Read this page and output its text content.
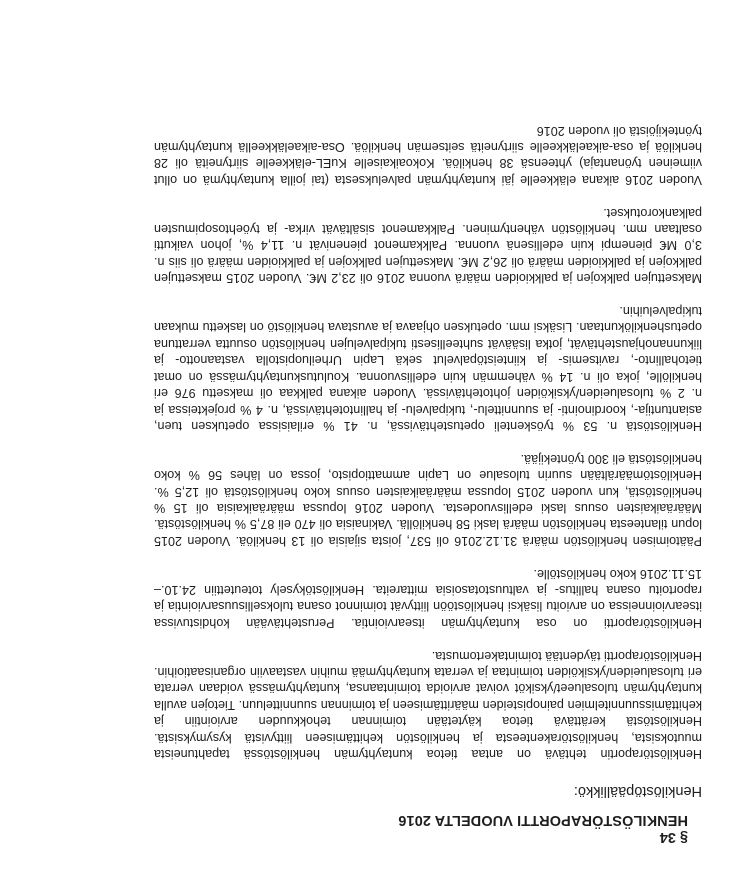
§ 34

HENKILÖSTÖRAPORTTI VUODELTA 2016

Henkilöstöpäällikkö:

Henkilöstöraportin tehtävä on antaa tietoa kuntayhtymän henkilöstössä tapahtuneista muutoksista, henkilöstörakenteesta ja henkilöstön kehittämiseen liittyvistä kysymyksistä. Henkilöstöstä kerättävä tietoa käytetään toiminnan tehokkuuden arviointiin ja kehittämissuunnitelmien painopisteiden määrittämiseen ja toiminnan suunnitteluun. Tietojen avulla kuntayhtymän tulosalueet/yksiköt voivat arvioida toimintaansa, kuntayhtymässä voidaan verrata eri tulosalueiden/yksiköiden toimintaa ja verrata kuntayhtymää muihin vastaaviin organisaatioihin. Henkilöstöraportti täydentää toimintakertomusta.

Henkilöstöraportti on osa kuntayhtymän itsearviointia. Perustehtävään kohdistuvissa itsearvioinneissa on arvioitu lisäksi henkilöstöön liittyvät toiminnot osana tuloksellisuusarviointia ja raportoitu osana hallitus- ja valtuustotasoisia mittareita. Henkilöstökysely toteutettiin 24.10.–15.11.2016 koko henkilöstölle.

Päätoimisen henkilöstön määrä 31.12.2016 oli 537, joista sijaisia oli 13 henkilöä. Vuoden 2015 lopun tilanteesta henkilöstön määrä laski 58 henkilöllä. Vakinaisia oli 470 eli 87,5 % henkilöstöstä. Määräaikaisten osuus laski edellisvuodesta. Vuoden 2016 lopussa määräaikaisia oli 15 % henkilöstöstä, kun vuoden 2015 lopussa määräaikaisten osuus koko henkilöstöstä oli 12,5 %. Henkilöstömäärältään suurin tulosalue on Lapin ammattiopisto, jossa on lähes 56 % koko henkilöstöstä eli 300 työntekijää.

Henkilöstöstä n. 53 % työskenteli opetustehtävissä, n. 41 % erilaisissa opetuksen tuen, asiantuntija-, koordinointi- ja suunnittelu-, tukipalvelu- ja hallintotehtävissä, n. 4 % projekteissa ja n. 2 % tulosalueiden/yksiköiden johtotehtävissä. Vuoden aikana palkkaa oli maksettu 976 eri henkilölle, joka oli n. 14 % vähemmän kuin edellisvuonna. Koulutuskuntayhtymässä on omat tietohallinto-, ravitsemis- ja kiinteistöpalvelut sekä Lapin Urheiluopistolla vastaanotto- ja liikunnanohjaustehtävät, jotka lisäävät suhteellisesti tukipalvelujen henkilöstön osuutta verrattuna opetushenkilökuntaan. Lisäksi mm. opetuksen ohjaava ja avustava henkilöstö on laskettu mukaan tukipalveluihin.

Maksettujen palkkojen ja palkkioiden määrä vuonna 2016 oli 23,2 M€. Vuoden 2015 maksettujen palkkojen ja palkkioiden määrä oli 26,2 M€. Maksettujen palkkojen ja palkkioiden määrä oli siis n. 3,0 M€ pienempi kuin edellisenä vuonna. Palkkamenot pienenivät n. 11,4 %, johon vaikutti osaltaan mm. henkilöstön vähentyminen. Palkkamenot sisältävät virka- ja työehtosopimusten palkankorotukset.

Vuoden 2016 aikana eläkkeelle jäi kuntayhtymän palveluksesta (tai joilla kuntayhtymä on ollut viimeinen työnantaja) yhteensä 38 henkilöä. Kokoaikaiselle KuEL-eläkkeelle siirtyneitä oli 28 henkilöä ja osa-aikaeläkkeelle siirtyneitä seitsemän henkilöä. Osa-aikaeläkkeellä kuntayhtymän työntekijöistä oli vuoden 2016
